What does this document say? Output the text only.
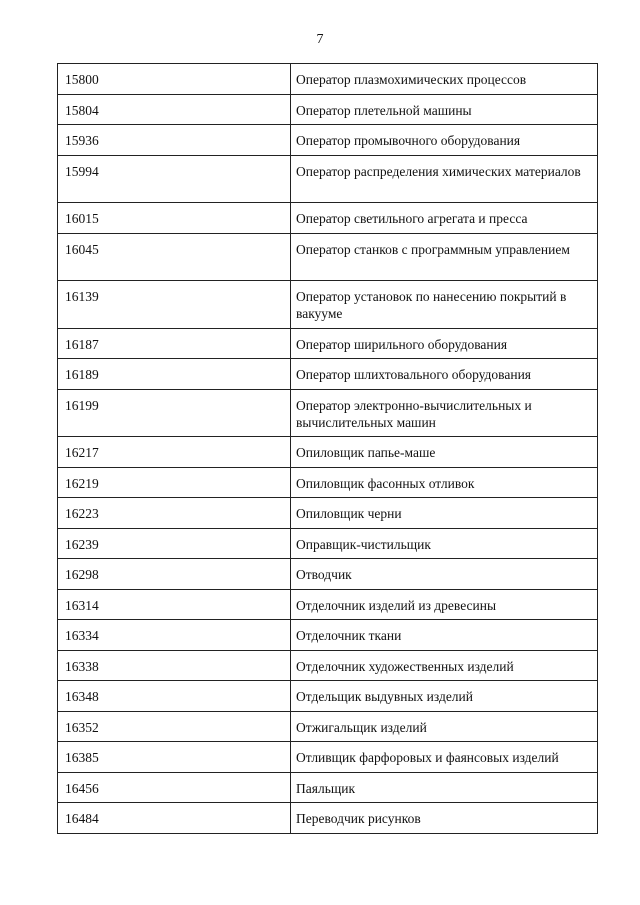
7
15800	Оператор плазмохимических процессов
15804	Оператор плетельной машины
15936	Оператор промывочного оборудования
15994	Оператор распределения химических материалов
16015	Оператор светильного агрегата и пресса
16045	Оператор станков с программным управлением
16139	Оператор установок по нанесению покрытий в вакууме
16187	Оператор ширильного оборудования
16189	Оператор шлихтовального оборудования
16199	Оператор электронно-вычислительных и вычислительных машин
16217	Опиловщик папье-маше
16219	Опиловщик фасонных отливок
16223	Опиловщик черни
16239	Оправщик-чистильщик
16298	Отводчик
16314	Отделочник изделий из древесины
16334	Отделочник ткани
16338	Отделочник художественных изделий
16348	Отдельщик выдувных изделий
16352	Отжигальщик изделий
16385	Отливщик фарфоровых и фаянсовых изделий
16456	Паяльщик
16484	Переводчик рисунков
